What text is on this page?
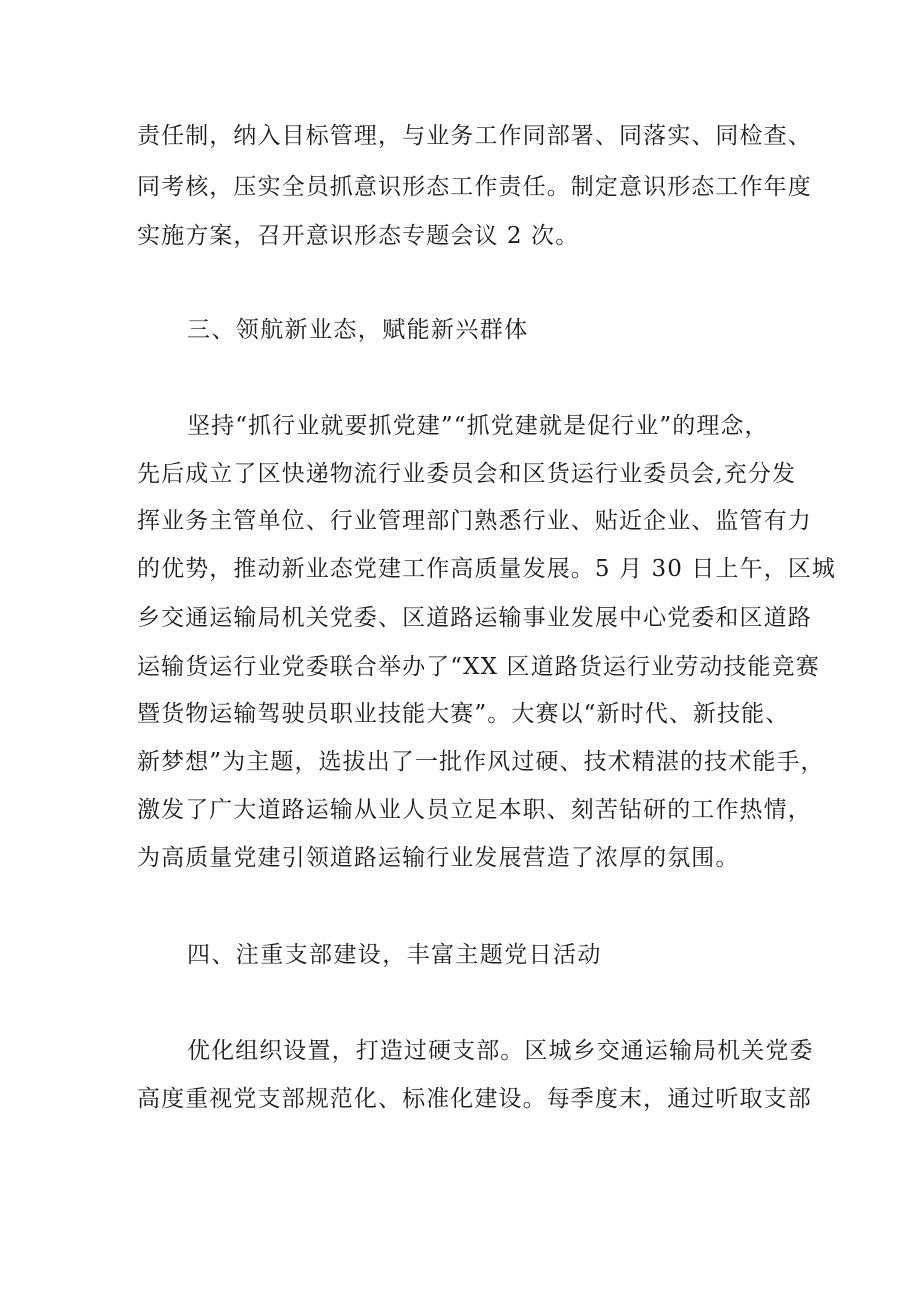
责任制，纳入目标管理，与业务工作同部署、同落实、同检查、

同考核，压实全员抓意识形态工作责任。制定意识形态工作年度

实施方案，召开意识形态专题会议 2 次。

三、领航新业态，赋能新兴群体

坚持“抓行业就要抓党建”“抓党建就是促行业”的理念，

先后成立了区快递物流行业委员会和区货运行业委员会,充分发

挥业务主管单位、行业管理部门熟悉行业、贴近企业、监管有力

的优势，推动新业态党建工作高质量发展。5 月 30 日上午，区城

乡交通运输局机关党委、区道路运输事业发展中心党委和区道路

运输货运行业党委联合举办了“XX 区道路货运行业劳动技能竞赛

暨货物运输驾驶员职业技能大赛”。大赛以“新时代、新技能、

新梦想”为主题，选拔出了一批作风过硬、技术精湛的技术能手，

激发了广大道路运输从业人员立足本职、刻苦钻研的工作热情，

为高质量党建引领道路运输行业发展营造了浓厚的氛围。

四、注重支部建设，丰富主题党日活动

优化组织设置，打造过硬支部。区城乡交通运输局机关党委

高度重视党支部规范化、标准化建设。每季度末，通过听取支部
